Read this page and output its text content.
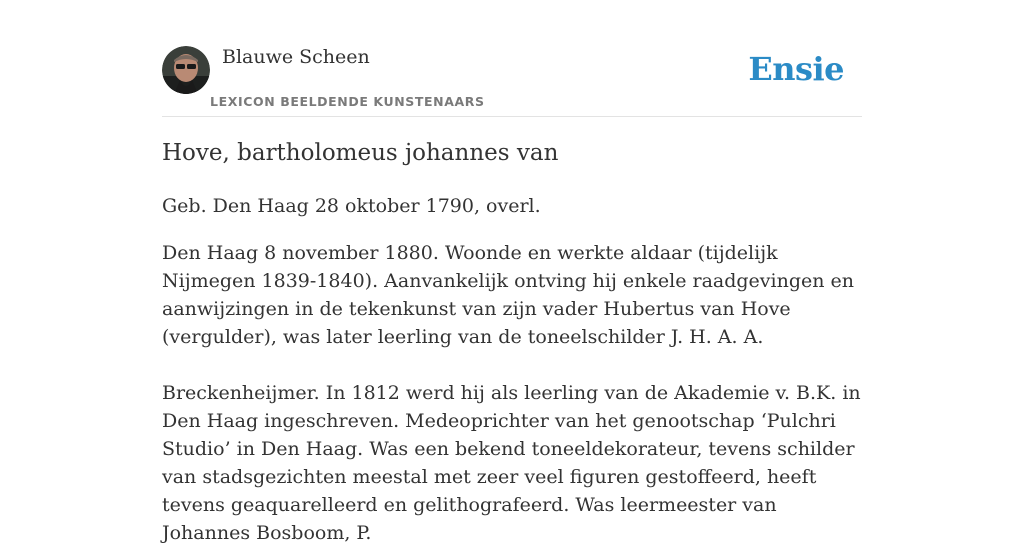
Blauwe Scheen
LEXICON BEELDENDE KUNSTENAARS
Ensie
Hove, bartholomeus johannes van

Geb. Den Haag 28 oktober 1790, overl.

Den Haag 8 november 1880. Woonde en werkte aldaar (tijdelijk Nijmegen 1839-1840). Aanvankelijk ontving hij enkele raadgevingen en aanwijzingen in de tekenkunst van zijn vader Hubertus van Hove (vergulder), was later leerling van de toneelschilder J. H. A. A.

Breckenheijmer. In 1812 werd hij als leerling van de Akademie v. B.K. in Den Haag ingeschreven. Medeoprichter van het genootschap ‘Pulchri Studio’ in Den Haag. Was een bekend toneeldekorateur, tevens schilder van stadsgezichten meestal met zeer veel figuren gestoffeerd, heeft tevens geaquarelleerd en gelithografeerd. Was leermeester van Johannes Bosboom, P.
